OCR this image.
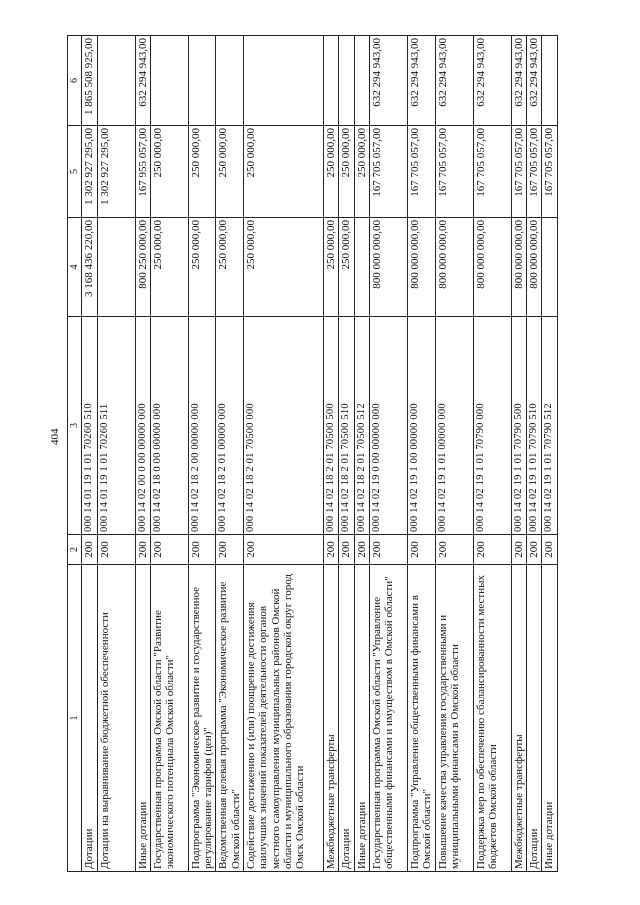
404
1	2	3	4	5	6
Дотации	200	000 14 01 19 1 01 70260 510	3 168 436 220,00	1 302 927 295,00	1 865 508 925,00
Дотации на выравнивание бюджетной обеспеченности	200	000 14 01 19 1 01 70260 511		1 302 927 295,00	
Иные дотации	200	000 14 02 00 0 00 00000 000	800 250 000,00	167 955 057,00	632 294 943,00
Государственная программа Омской области "Развитие экономического потенциала Омской области"	200	000 14 02 18 0 00 00000 000	250 000,00	250 000,00	
Подпрограмма "Экономическое развитие и государственное регулирование тарифов (цен)"	200	000 14 02 18 2 00 00000 000	250 000,00	250 000,00	
Ведомственная целевая программа "Экономическое развитие Омской области"	200	000 14 02 18 2 01 00000 000	250 000,00	250 000,00	
Содействие достижению и (или) поощрение достижения наилучших значений показателей деятельности органов местного самоуправления муниципальных районов Омской области и муниципального образования городской округ город Омск Омской области	200	000 14 02 18 2 01 70500 000	250 000,00	250 000,00	
Межбюджетные трансферты	200	000 14 02 18 2 01 70500 500	250 000,00	250 000,00	
Дотации	200	000 14 02 18 2 01 70500 510	250 000,00	250 000,00	
Иные дотации	200	000 14 02 18 2 01 70500 512		250 000,00	
Государственная программа Омской области "Управление общественными финансами и имуществом в Омской области"	200	000 14 02 19 0 00 00000 000	800 000 000,00	167 705 057,00	632 294 943,00
Подпрограмма "Управление общественными финансами в Омской области"	200	000 14 02 19 1 00 00000 000	800 000 000,00	167 705 057,00	632 294 943,00
Повышение качества управления государственными и муниципальными финансами в Омской области	200	000 14 02 19 1 01 00000 000	800 000 000,00	167 705 057,00	632 294 943,00
Поддержка мер по обеспечению сбалансированности местных бюджетов Омской области	200	000 14 02 19 1 01 70790 000	800 000 000,00	167 705 057,00	632 294 943,00
Межбюджетные трансферты	200	000 14 02 19 1 01 70790 500	800 000 000,00	167 705 057,00	632 294 943,00
Дотации	200	000 14 02 19 1 01 70790 510	800 000 000,00	167 705 057,00	632 294 943,00
Иные дотации	200	000 14 02 19 1 01 70790 512		167 705 057,00	
